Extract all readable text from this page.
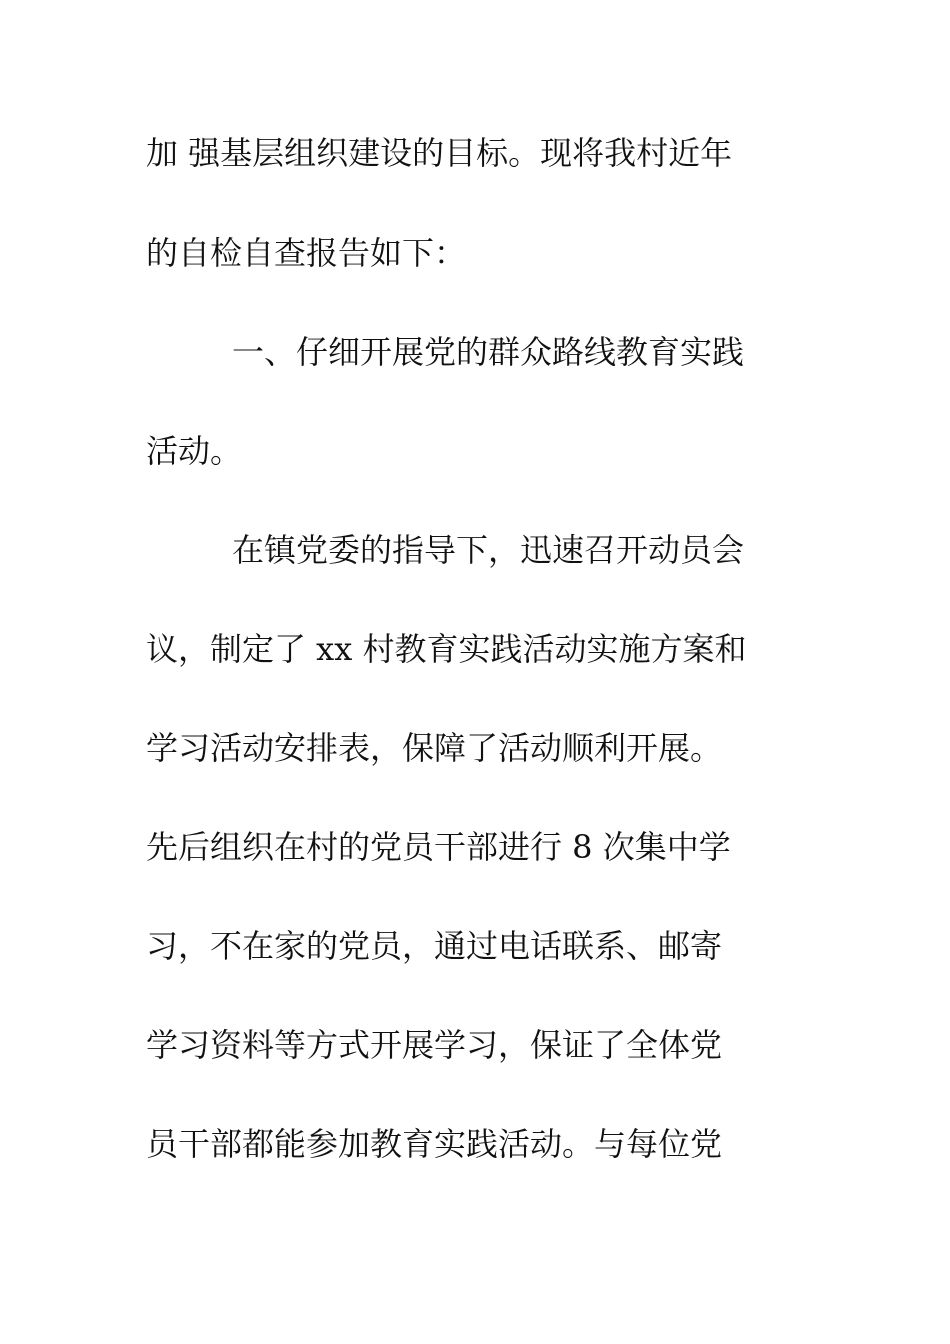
加 强基层组织建设的目标。现将我村近年
的自检自查报告如下：
一、仔细开展党的群众路线教育实践
活动。
在镇党委的指导下，迅速召开动员会
议，制定了 xx 村教育实践活动实施方案和
学习活动安排表，保障了活动顺利开展。
先后组织在村的党员干部进行 8 次集中学
习，不在家的党员，通过电话联系、邮寄
学习资料等方式开展学习，保证了全体党
员干部都能参加教育实践活动。与每位党
